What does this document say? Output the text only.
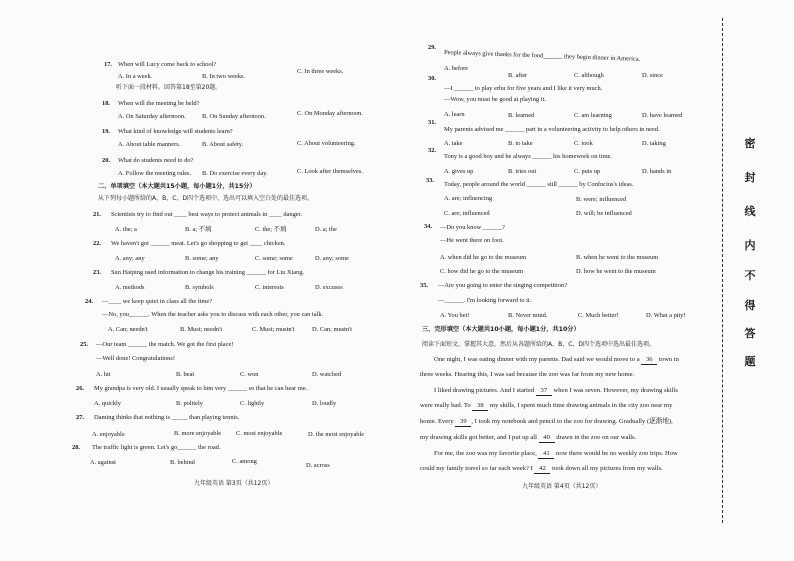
17. When will Lucy come back to school?
A. In a week.	B. In two weeks.
C. In three weeks.
听下面一段材料，回答第18至第20题。
18. When will the meeting be held?
A. On Saturday afternoon.	B. On Sunday afternoon.	C. On Monday afternoon.
19. What kind of knowledge will students learn?
A. About table manners.	B. About safety.	C. About volunteering.
20. What do students need to do?
A. Follow the meeting rules. B. Do exercise every day.	C. Look after themselves.
二、单项填空（本大题共15小题，每小题1分，共15分）
从下列每小题所给的A、B、C、D四个选项中，选出可以填入空白处的最佳选项。
21. Scientists try to find out ____ best ways to protect animals in ____ danger.
A. the; a	B. a; 不填	C. the; 不填	D. a; the
22. We haven't got ______ meat. Let's go shopping to get ____ chicken.
A. any; any	B. some; any	C. some; some	D. any; some
23. Sun Haiping used information to change his training ______ for Liu Xiang.
A. methods	B. symbols	C. interests	D. excuses
24. —____ we keep quiet in class all the time?
—No, you______. When the teacher asks you to discuss with each other, you can talk.
A. Can; needn't	B. Must; needn't	C. Must; mustn't	D. Can; mustn't
25. —Our team ______ the match. We got the first place!
—Well done! Congratulations!
A. hit	B. beat	C. won	D. watched
26. My grandpa is very old. I usually speak to him very ______ so that he can hear me.
A. quickly	B. politely	C. lightly	D. loudly
27. Daming thinks that nothing is _____ than playing tennis.
A. enjoyable	B. more enjoyable C. most enjoyable	D. the most enjoyable
28. The traffic light is green. Let's go______ the road.
A. against	B. behind	C. among
D. across
九年级英语 第3页（共12页）
29.
People always give thanks for the food______ they begin dinner in America.
A. before
B. after	C. although	D. since
30.
—I ______ to play erhu for five years and I like it very much.
—Wow, you must be good at playing it.
A. learn	B. learned	C. am learning	D. have learned
31.
My parents advised me ______ part in a volunteering activity to help others in need.
A. take	B. to take	C. took	D. taking
32.
Tony is a good boy and he always ______ his homework on time.
A. gives up	B. tries out	C. puts up	D. hands in
33.
Today, people around the world ______ still ______ by Confucius's ideas.
A. are; influencing	B. were; influenced
C. are; influenced	D. will; be influenced
34. —Do you know ______?
—He went there on foot.
A. when did he go to the museum	B. when he went to the museum
C. how did he go to the museum	D. how he went to the museum
35. —Are you going to enter the singing competition?
—______. I'm looking forward to it.
A. You bet!	B. Never mind.	C. Much better!	D. What a pity!
三、完形填空（本大题共10小题，每小题1分，共10分）
阅读下面短文，掌握其大意，然后从各题所给的A、B、C、D四个选项中选出最佳选项。
One night, I was eating dinner with my parents. Dad said we would move to a 36 town in
three weeks. Hearing this, I was sad because the zoo was far from my new home.
I liked drawing pictures. And I started 37 when I was seven. However, my drawing skills
were really bad. To 38 my skills, I spent much time drawing animals in the city zoo near my
home. Every 39 , I took my notebook and pencil to the zoo for drawing. Gradually (逐渐地),
my drawing skills got better, and I put up all 40 drawn in the zoo on our walls.
For me, the zoo was my favorite place, 41 now there would be no weekly zoo trips. How
could my family travel so far each week? I 42 took down all my pictures from my walls.
九年级英语 第4页（共12页）
密
封
线
内
不
得
答
题
